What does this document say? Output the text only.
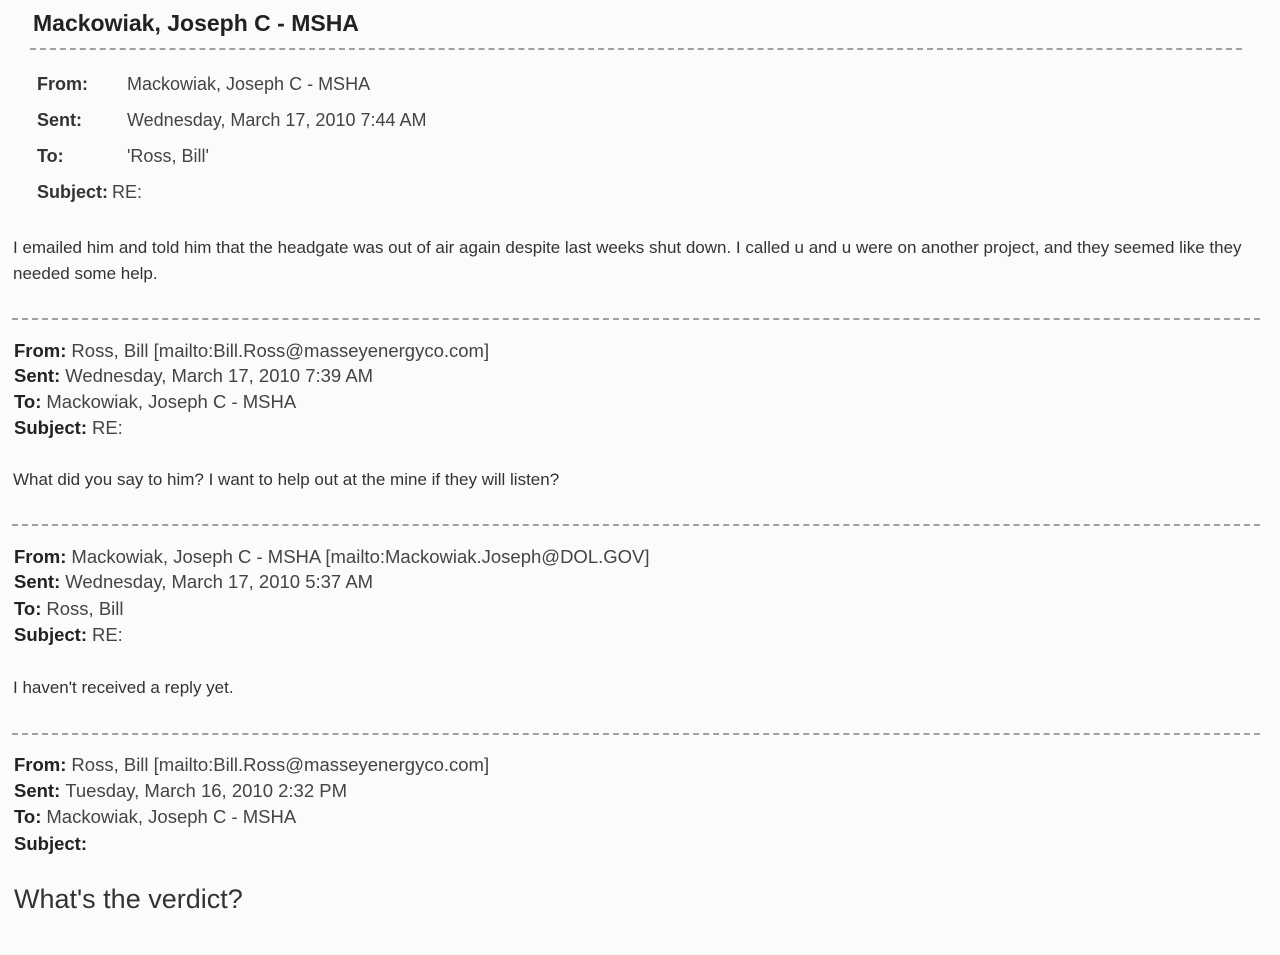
Mackowiak, Joseph C - MSHA
From: Mackowiak, Joseph C - MSHA
Sent:	Wednesday, March 17, 2010 7:44 AM
To:	'Ross, Bill'
Subject: RE:
I emailed him and told him that the headgate was out of air again despite last weeks shut down. I called u and u were on another project, and they seemed like they needed some help.
From: Ross, Bill [mailto:Bill.Ross@masseyenergyco.com]
Sent: Wednesday, March 17, 2010 7:39 AM
To: Mackowiak, Joseph C - MSHA
Subject: RE:
What did you say to him? I want to help out at the mine if they will listen?
From: Mackowiak, Joseph C - MSHA [mailto:Mackowiak.Joseph@DOL.GOV]
Sent: Wednesday, March 17, 2010 5:37 AM
To: Ross, Bill
Subject: RE:
I haven't received a reply yet.
From: Ross, Bill [mailto:Bill.Ross@masseyenergyco.com]
Sent: Tuesday, March 16, 2010 2:32 PM
To: Mackowiak, Joseph C - MSHA
Subject:
What's the verdict?
